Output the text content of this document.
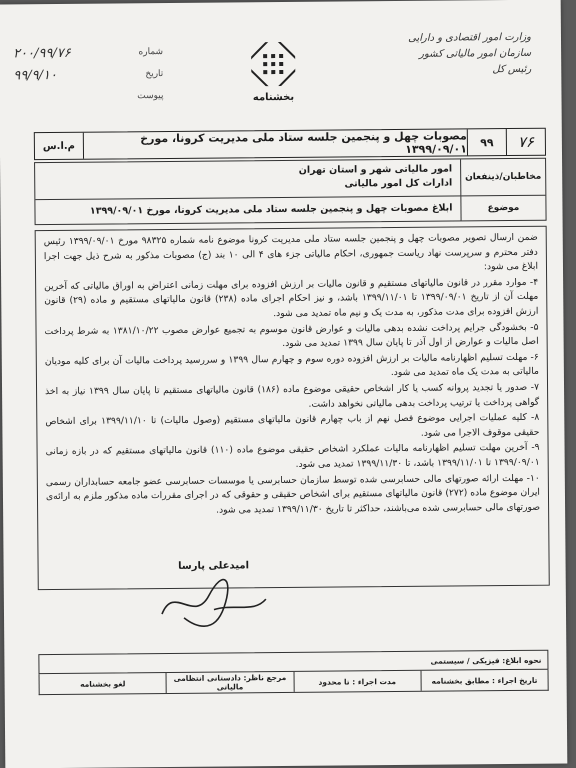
وزارت امور اقتصادی و دارایی
سازمان امور مالیاتی کشور
رئیس کل
بخشنامه
شماره
۲۰۰/۹۹/۷۶
تاریخ
۹۹/۹/۱۰
پیوست
۷۶
۹۹
مصوبات چهل و پنجمین جلسه ستاد ملی مدیریت کرونا، مورخ ۱۳۹۹/۰۹/۰۱
م.ا.س
مخاطبان/ذینفعان
امور مالیاتی شهر و استان تهران
ادارات کل امور مالیاتی
موضوع
ابلاغ مصوبات چهل و پنجمین جلسه ستاد ملی مدیریت کرونا، مورخ ۱۳۹۹/۰۹/۰۱

ضمن ارسال تصویر مصوبات چهل و پنجمین جلسه ستاد ملی مدیریت کرونا موضوع نامه شماره ۹۸۳۲۵ مورخ ۱۳۹۹/۰۹/۰۱ رئیس دفتر محترم و سرپرست نهاد ریاست جمهوری، احکام مالیاتی جزء های ۴ الی ۱۰ بند (ج) مصوبات مذکور به شرح ذیل جهت اجرا ابلاغ می شود:

۴- موارد مقرر در قانون مالیاتهای مستقیم و قانون مالیات بر ارزش افزوده برای مهلت زمانی اعتراض به اوراق مالیاتی که آخرین مهلت آن از تاریخ ۱۳۹۹/۰۹/۰۱ تا ۱۳۹۹/۱۱/۰۱ باشد، و نیز احکام اجرای ماده (۲۳۸) قانون مالیاتهای مستقیم و ماده (۲۹) قانون ارزش افزوده برای مدت مذکور، به مدت یک و نیم ماه تمدید می شود.

۵- بخشودگی جرایم پرداخت نشده بدهی مالیات و عوارض قانون موسوم به تجمیع عوارض مصوب ۱۳۸۱/۱۰/۲۲ به شرط پرداخت اصل مالیات و عوارض از اول آذر تا پایان سال ۱۳۹۹ تمدید می شود.

۶- مهلت تسلیم اظهارنامه مالیات بر ارزش افزوده دوره سوم و چهارم سال ۱۳۹۹ و سررسید پرداخت مالیات آن برای کلیه مودیان مالیاتی به مدت یک ماه تمدید می شود.

۷- صدور یا تجدید پروانه کسب یا کار اشخاص حقیقی موضوع ماده (۱۸۶) قانون مالیاتهای مستقیم تا پایان سال ۱۳۹۹ نیاز به اخذ گواهی پرداخت یا ترتیب پرداخت بدهی مالیاتی نخواهد داشت.

۸- کلیه عملیات اجرایی موضوع فصل نهم از باب چهارم قانون مالیاتهای مستقیم (وصول مالیات) تا ۱۳۹۹/۱۱/۱۰ برای اشخاص حقیقی موقوف الاجرا می شود.

۹- آخرین مهلت تسلیم اظهارنامه مالیات عملکرد اشخاص حقیقی موضوع ماده (۱۱۰) قانون مالیاتهای مستقیم که در بازه زمانی ۱۳۹۹/۰۹/۰۱ تا ۱۳۹۹/۱۱/۰۱ باشد، تا ۱۳۹۹/۱۱/۳۰ تمدید می شود.

۱۰- مهلت ارائه صورتهای مالی حسابرسی شده توسط سازمان حسابرسی یا موسسات حسابرسی عضو جامعه حسابداران رسمی ایران موضوع ماده (۲۷۲) قانون مالیاتهای مستقیم برای اشخاص حقیقی و حقوقی که در اجرای مقررات ماده مذکور ملزم به ارائه‌ی صورتهای مالی حسابرسی شده می‌باشند، حداکثر تا تاریخ ۱۳۹۹/۱۱/۳۰ تمدید می شود.

امیدعلی پارسا
نحوه ابلاغ: فیزیکی / سیستمی
تاریخ اجراء : مطابق بخشنامه
مدت اجراء : تا محدود
مرجع ناظر: دادستانی انتظامی مالیاتی
لغو بخشنامه
